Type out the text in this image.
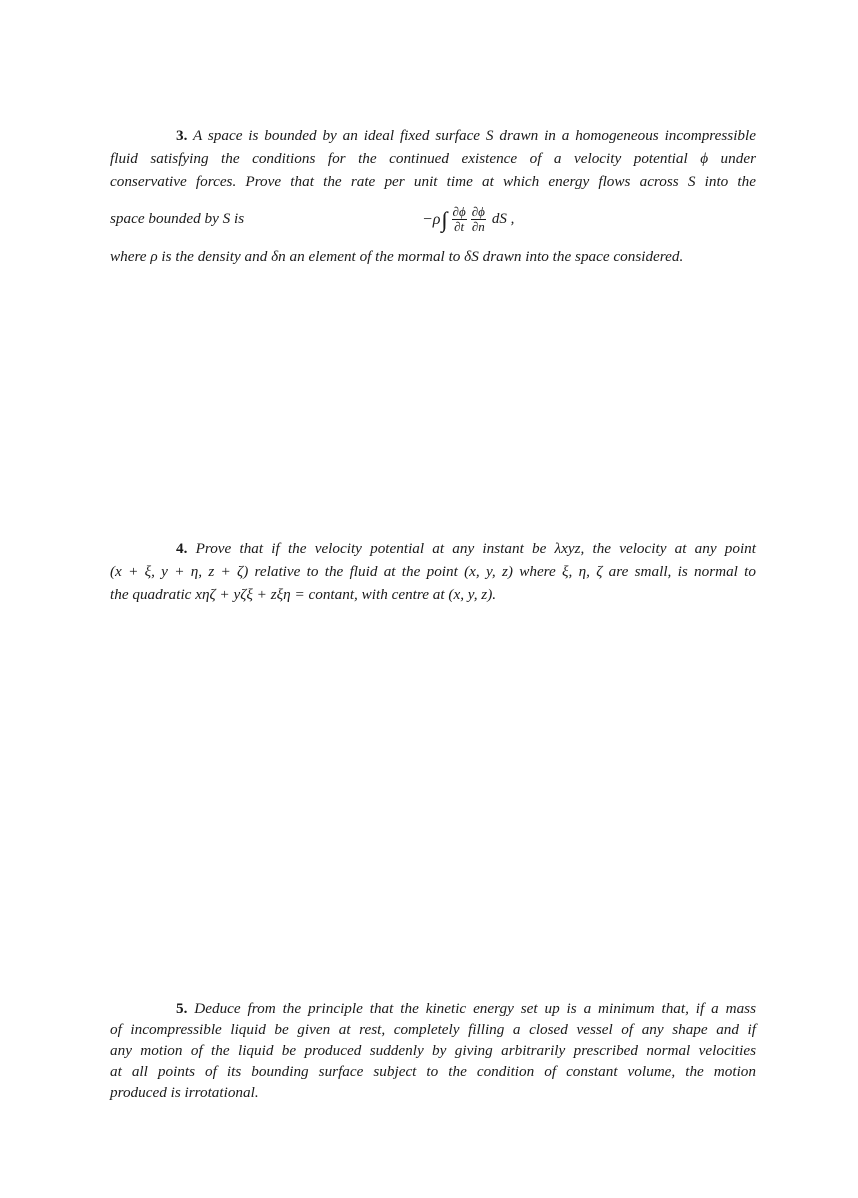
3. A space is bounded by an ideal fixed surface S drawn in a homogeneous incompressible
fluid satisfying the conditions for the continued existence of a velocity potential ϕ under
conservative forces. Prove that the rate per unit time at which energy flows across S into the
space bounded by S is	−ρ ∫∫ $\frac{\partial\phi}{\partial t} \frac{\partial\phi}{\partial n}$ dS ,
where ρ is the density and δn an element of the mormal to δS drawn into the space considered.
4. Prove that if the velocity potential at any instant be λxyz, the velocity at any point
(x + ξ, y + η, z + ζ) relative to the fluid at the point (x, y, z) where ξ, η, ζ are small, is normal to
the quadratic xηζ + yζξ + zξη = contant, with centre at (x, y, z).
5. Deduce from the principle that the kinetic energy set up is a minimum that, if a mass
of incompressible liquid be given at rest, completely filling a closed vessel of any shape and if
any motion of the liquid be produced suddenly by giving arbitrarily prescribed normal velocities
at all points of its bounding surface subject to the condition of constant volume, the motion
produced is irrotational.
